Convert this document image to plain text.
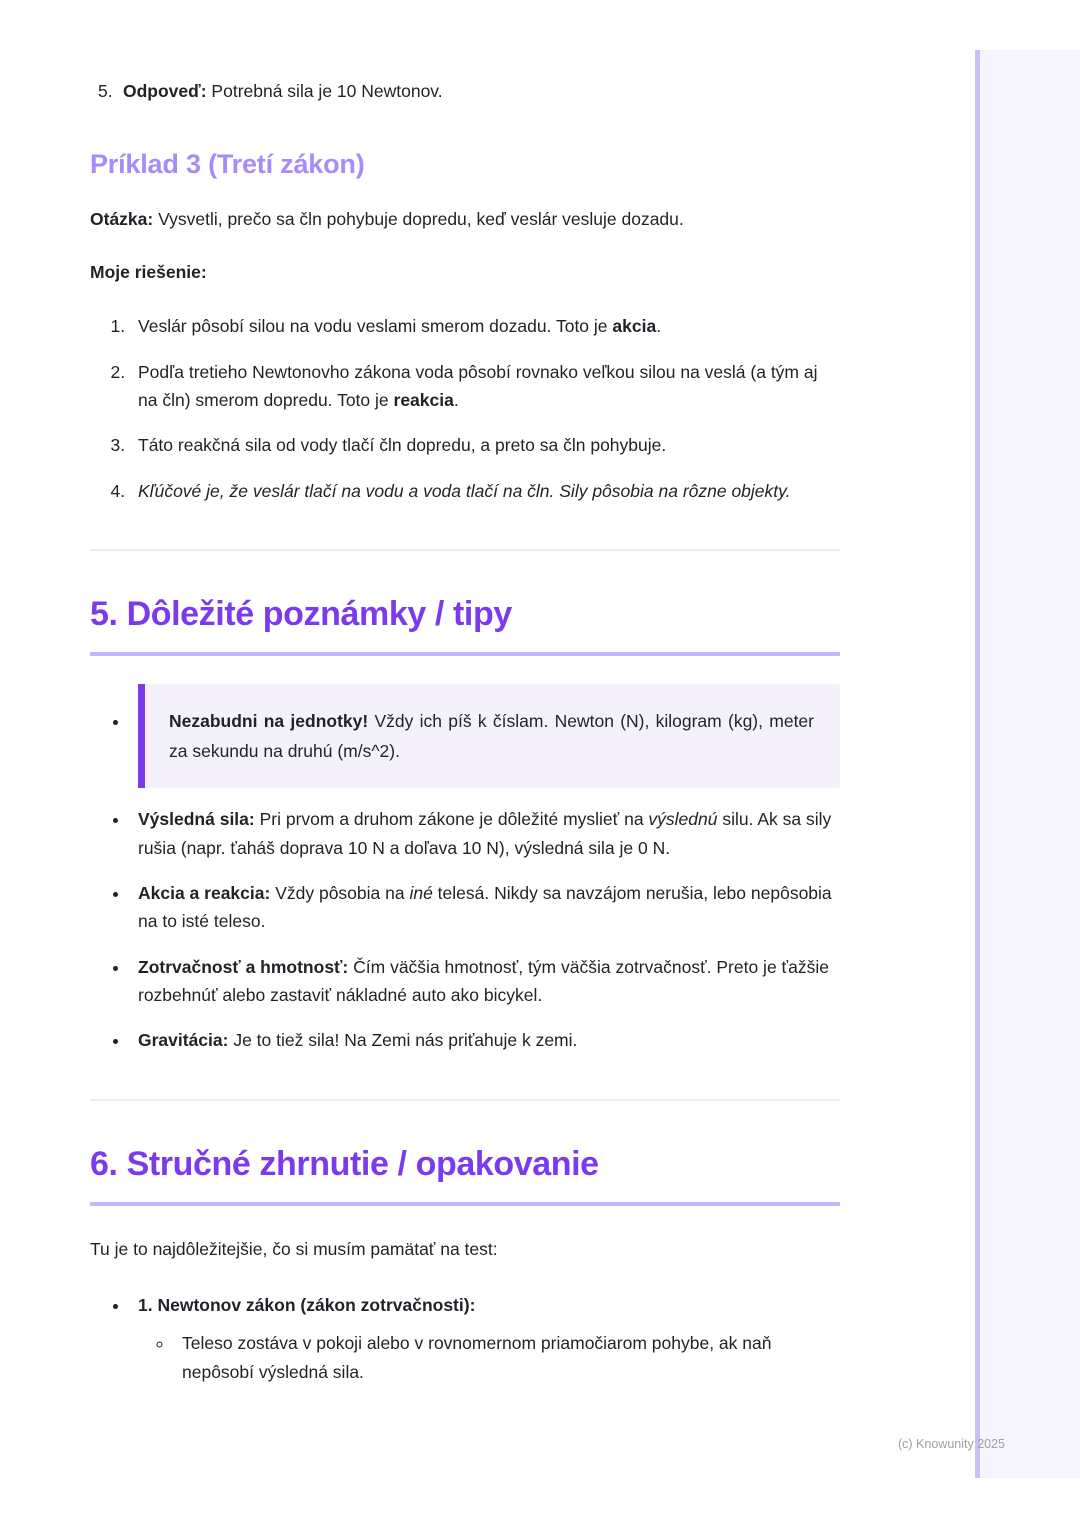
5. Odpoveď: Potrebná sila je 10 Newtonov.
Príklad 3 (Tretí zákon)

Otázka: Vysvetli, prečo sa čln pohybuje dopredu, keď veslár vesluje dozadu.

Moje riešenie:

1. Veslár pôsobí silou na vodu veslami smerom dozadu. Toto je akcia.
2. Podľa tretieho Newtonovho zákona voda pôsobí rovnako veľkou silou na veslá (a tým aj na čln) smerom dopredu. Toto je reakcia.
3. Táto reakčná sila od vody tlačí čln dopredu, a preto sa čln pohybuje.
4. Kľúčové je, že veslár tlačí na vodu a voda tlačí na čln. Sily pôsobia na rôzne objekty.
5. Dôležité poznámky / tipy
• Nezabudni na jednotky! Vždy ich píš k číslam. Newton (N), kilogram (kg), meter za sekundu na druhú (m/s^2).
• Výsledná sila: Pri prvom a druhom zákone je dôležité myslieť na výslednú silu. Ak sa sily rušia (napr. ťaháš doprava 10 N a doľava 10 N), výsledná sila je 0 N.
• Akcia a reakcia: Vždy pôsobia na iné telesá. Nikdy sa navzájom nerušia, lebo nepôsobia na to isté teleso.
• Zotrvačnosť a hmotnosť: Čím väčšia hmotnosť, tým väčšia zotrvačnosť. Preto je ťažšie rozbehnúť alebo zastaviť nákladné auto ako bicykel.
• Gravitácia: Je to tiež sila! Na Zemi nás priťahuje k zemi.
6. Stručné zhrnutie / opakovanie

Tu je to najdôležitejšie, čo si musím pamätať na test:

• 1. Newtonov zákon (zákon zotrvačnosti):
◦ Teleso zostáva v pokoji alebo v rovnomernom priamočiarom pohybe, ak naň nepôsobí výsledná sila.
(c) Knowunity 2025
